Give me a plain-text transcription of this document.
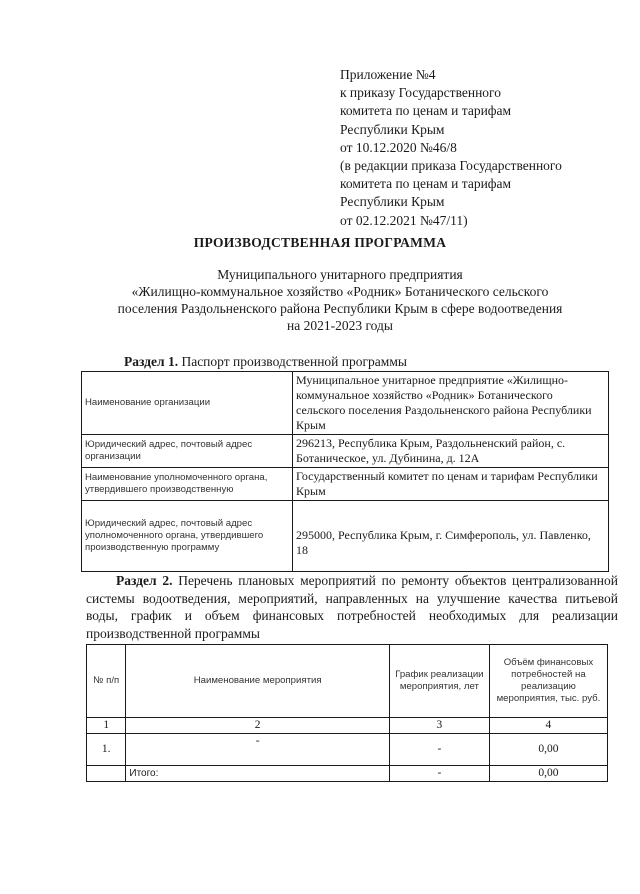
Приложение №4
к приказу Государственного
комитета по ценам и тарифам
Республики Крым
от 10.12.2020 №46/8
(в редакции приказа Государственного
комитета по ценам и тарифам
Республики Крым
от 02.12.2021 №47/11)
ПРОИЗВОДСТВЕННАЯ ПРОГРАММА
Муниципального унитарного предприятия
«Жилищно-коммунальное хозяйство «Родник» Ботанического сельского
поселения Раздольненского района Республики Крым в сфере водоотведения
на 2021-2023 годы
Раздел 1. Паспорт производственной программы
Наименование организации	Муниципальное унитарное предприятие «Жилищно-коммунальное хозяйство «Родник» Ботанического сельского поселения Раздольненского района Республики Крым
Юридический адрес, почтовый адрес организации	296213, Республика Крым, Раздольненский район, с. Ботаническое, ул. Дубинина, д. 12А
Наименование уполномоченного органа, утвердившего производственную	Государственный комитет по ценам и тарифам Республики Крым
Юридический адрес, почтовый адрес уполномоченного органа, утвердившего производственную программу	295000, Республика Крым, г. Симферополь, ул. Павленко, 18
Раздел 2. Перечень плановых мероприятий по ремонту объектов централизованной
системы водоотведения, мероприятий, направленных на улучшение качества питьевой
воды, график и объем финансовых потребностей необходимых для реализации
производственной программы
№ п/п	Наименование мероприятия	График реализации мероприятия, лет	Объём финансовых потребностей на реализацию мероприятия, тыс. руб.
1	2	3	4
1.	-	-	0,00
	Итого:	-	0,00
